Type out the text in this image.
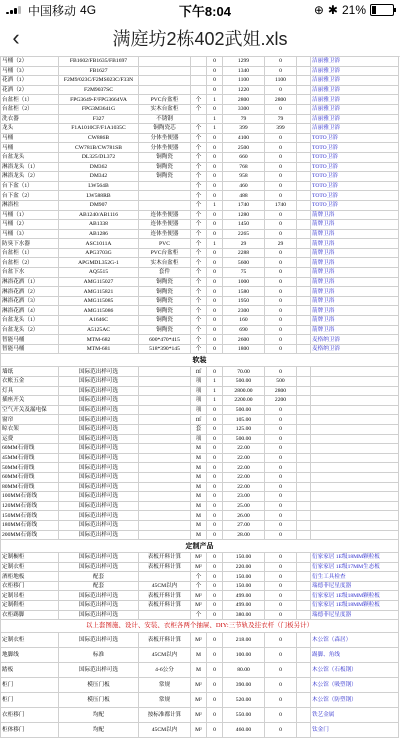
中国移动 4G	下午8:04	⊕ ✱ 21%
‹	满庭坊2栋402武姐.xls
马桶（2）	FB1602/FB1635/FB1697			0	1299	0		洁丽雅卫浴
马桶（3）	FB1627			0	1340	0		洁丽雅卫浴
花洒（1）	F2M9/023C/F2MS023C/F33N			0	1100	1100		洁丽雅卫浴
花洒（2）	F2M9037SC			0	1220	0		洁丽雅卫浴
台盆柜（1）	FPG3649-F/FPG3664VA	PVC台盆柜	个	1	2800	2800		洁丽雅卫浴
台盆柜（2）	FPG3M3641G	实木台盆柜	个	0	3300	0		洁丽雅卫浴
洗衣器	F327	不锈钢		1	79	79		洁丽雅卫浴
龙头	F1A1010CF/F1A1035C	铜陶瓷芯	个	1	399	399		洁丽雅卫浴
马桶	CW886B	分体坐便器	个	0	4100	0		TOTO卫浴
马桶	CW781B/CW781SB	分体坐便器	个	0	2500	0		TOTO卫浴
台盆龙头	DL325/DL372	铜陶瓷	个	0	660	0		TOTO卫浴
淋浴龙头（1）	DM362	铜陶瓷	个	0	768	0		TOTO卫浴
淋浴龙头（2）	DM342	铜陶瓷	个	0	958	0		TOTO卫浴
台下盆（1）	LW564B		个	0	460	0		TOTO卫浴
台下盆（2）	LW588RB		个	0	488	0		TOTO卫浴
淋浴柱	DM907		个	1	1740	1740		TOTO卫浴
马桶（1）	AB1240/AB1116	连体坐便器	个	0	1280	0		箭牌卫浴
马桶（2）	AB1338	连体坐便器	个	0	1450	0		箭牌卫浴
马桶（3）	AB1286	连体坐便器	个	0	2265	0		箭牌卫浴
防臭下水器	ASC1011A	PVC	个	1	29	29		箭牌卫浴
台盆柜（1）	APG3703G	PVC台盆柜	个	0	2288	0		箭牌卫浴
台盆柜（2）	APGMDL352G-1	实木台盆柜	个	0	5600	0		箭牌卫浴
台盆下水	AQ5515	套件	个	0	75	0		箭牌卫浴
淋浴花洒（1）	AMG115027	铜陶瓷	个	0	1000	0		箭牌卫浴
淋浴花洒（2）	AMG115821	铜陶瓷	个	0	1580	0		箭牌卫浴
淋浴花洒（3）	AMG115085	铜陶瓷	个	0	1950	0		箭牌卫浴
淋浴花洒（4）	AMG115086	铜陶瓷	个	0	2300	0		箭牌卫浴
台盆龙头（1）	A1646C	铜陶瓷	个	0	160	0		箭牌卫浴
台盆龙头（2）	A5125AC	铜陶瓷	个	0	690	0		箭牌卫浴
智能马桶	MTM-682	600*470*415	个	0	2600	0		麦格纳卫浴
智能马桶	MTM-681	518*390*145	个	0	1800	0		麦格纳卫浴
软装								
墙纸	国际范出样可选		㎡	0	70.00	0		
衣帐五金	国际范出样可选		项	1	500.00	500		
灯具	国际范出样可选		项	1	2800.00	2800		
插座开关	国际范出样可选		项	1	2200.00	2200		
空气开关及漏电保	国际范出样可选		项	0	500.00	0		
窗帘	国际范出样可选		㎡	0	105.00	0		
晾衣架	国际范出样可选		套	0	125.00	0		
运费	国际范出样可选		项	0	500.00	0		
60MM石膏线	国际范出样可选		M	0	22.00	0		
45MM石膏线	国际范出样可选		M	0	22.00	0		
50MM石膏线	国际范出样可选		M	0	22.00	0		
60MM石膏线	国际范出样可选		M	0	22.00	0		
80MM石膏线	国际范出样可选		M	0	22.00	0		
100MM石膏线	国际范出样可选		M	0	23.00	0		
120MM石膏线	国际范出样可选		M	0	25.00	0		
150MM石膏线	国际范出样可选		M	0	26.00	0		
180MM石膏线	国际范出样可选		M	0	27.00	0		
200MM石膏线	国际范出样可选		M	0	28.00	0		
定制产品								
定制橱柜	国际范出样可选	表板开料计算	M²	0	150.00	0		衍家家居 1E级18MM颗粒板
定制衣柜	国际范出样可选	表板开料计算	M²	0	220.00	0		衍家家居 1E级17MM生态板
酒柜地板	配套		个	0	150.00	0		衍生工具检查
衣柜移门	配套	45CM以内	个	0	150.00	0		瑞德菲尼星度器
定制吊柜	国际范出样可选	表板开料计算	M²	0	499.00	0		衍家家居 1E级18MM颗粒板
定制鞋柜	国际范出样可选	表板开料计算	M²	0	499.00	0		衍家家居 1E级18MM颗粒板
衣柜踢脚	国际范出样可选		个	0	380.00	0		瑞德菲尼星度器
以上套图施、设计、安装、衣柜各两个抽屉、DIY:三节轨及挂衣杆（门板另计）								
定制衣柜	国际范出样可选	表板开料计算	M²	0	218.00	0		木公馆（森居）
地脚线	标准	45CM以内	M	0	100.00	0		踢脚、角线
踏板	国际范出样可选	4-6公分	M	0	80.00	0		木公馆（石板钢）
柜门	模压门板	常规	M²	0	390.00	0		木公馆（吸塑钢）
柜门	模压门板	常规	M²	0	520.00	0		木公馆（防塑钢）
衣柜移门	均配	按标准都计算	M²	0	550.00	0		铁艺金属
柜体移门	均配	45CM以内	M²	0	460.00	0		钛金门
